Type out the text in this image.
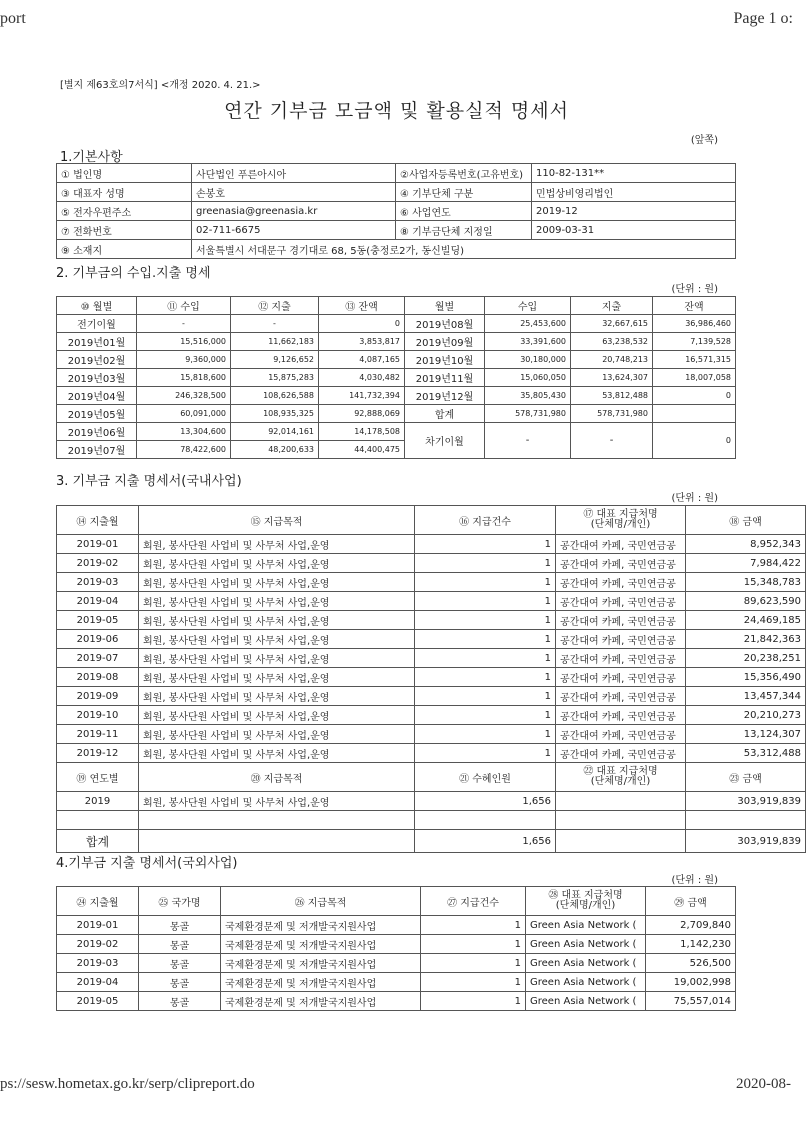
port	Page 1 o:
ps://sesw.hometax.go.kr/serp/clipreport.do	2020-08-
[별지 제63호의7서식] <개정 2020. 4. 21.>
연간 기부금 모금액 및 활용실적 명세서
(앞쪽)
1.기본사항
① 법인명	사단법인 푸른아시아	②사업자등록번호(고유번호)	110-82-131**
③ 대표자 성명	손봉호	④ 기부단체 구분	민법상비영리법인
⑤ 전자우편주소	greenasia@greenasia.kr	⑥ 사업연도	2019-12
⑦ 전화번호	02-711-6675	⑧ 기부금단체 지정일	2009-03-31
⑨ 소재지	서울특별시 서대문구 경기대로 68, 5동(충정로2가, 동신빌딩)		
2. 기부금의 수입.지출 명세
(단위 : 원)
⑩ 월별	⑪ 수입	⑫ 지출	⑬ 잔액	월별	수입	지출	잔액
전기이월	-	-	0	2019년08월	25,453,600	32,667,615	36,986,460
2019년01월	15,516,000	11,662,183	3,853,817	2019년09월	33,391,600	63,238,532	7,139,528
2019년02월	9,360,000	9,126,652	4,087,165	2019년10월	30,180,000	20,748,213	16,571,315
2019년03월	15,818,600	15,875,283	4,030,482	2019년11월	15,060,050	13,624,307	18,007,058
2019년04월	246,328,500	108,626,588	141,732,394	2019년12월	35,805,430	53,812,488	0
2019년05월	60,091,000	108,935,325	92,888,069	합계	578,731,980	578,731,980	
2019년06월	13,304,600	92,014,161	14,178,508	차기이월	-	-	0
2019년07월	78,422,600	48,200,633	44,400,475				
3. 기부금 지출 명세서(국내사업)
(단위 : 원)
⑭ 지출월	⑮ 지급목적	⑯ 지급건수	⑰ 대표 지급처명
(단체명/개인)	⑱ 금액
2019-01	회원, 봉사단원 사업비 및 사무처 사업,운영	1	공간대여 카페, 국민연금공	8,952,343
2019-02	회원, 봉사단원 사업비 및 사무처 사업,운영	1	공간대여 카페, 국민연금공	7,984,422
2019-03	회원, 봉사단원 사업비 및 사무처 사업,운영	1	공간대여 카페, 국민연금공	15,348,783
2019-04	회원, 봉사단원 사업비 및 사무처 사업,운영	1	공간대여 카페, 국민연금공	89,623,590
2019-05	회원, 봉사단원 사업비 및 사무처 사업,운영	1	공간대여 카페, 국민연금공	24,469,185
2019-06	회원, 봉사단원 사업비 및 사무처 사업,운영	1	공간대여 카페, 국민연금공	21,842,363
2019-07	회원, 봉사단원 사업비 및 사무처 사업,운영	1	공간대여 카페, 국민연금공	20,238,251
2019-08	회원, 봉사단원 사업비 및 사무처 사업,운영	1	공간대여 카페, 국민연금공	15,356,490
2019-09	회원, 봉사단원 사업비 및 사무처 사업,운영	1	공간대여 카페, 국민연금공	13,457,344
2019-10	회원, 봉사단원 사업비 및 사무처 사업,운영	1	공간대여 카페, 국민연금공	20,210,273
2019-11	회원, 봉사단원 사업비 및 사무처 사업,운영	1	공간대여 카페, 국민연금공	13,124,307
2019-12	회원, 봉사단원 사업비 및 사무처 사업,운영	1	공간대여 카페, 국민연금공	53,312,488
⑲ 연도별	⑳ 지급목적	㉑ 수혜인원	㉒ 대표 지급처명
(단체명/개인)	㉓ 금액
2019	회원, 봉사단원 사업비 및 사무처 사업,운영	1,656		303,919,839

합계		1,656		303,919,839
4.기부금 지출 명세서(국외사업)
(단위 : 원)
㉔ 지출월	㉕ 국가명	㉖ 지급목적	㉗ 지급건수	㉘ 대표 지급처명
(단체명/개인)	㉙ 금액
2019-01	몽골	국제환경문제 및 저개발국지원사업	1	Green Asia Network (	2,709,840
2019-02	몽골	국제환경문제 및 저개발국지원사업	1	Green Asia Network (	1,142,230
2019-03	몽골	국제환경문제 및 저개발국지원사업	1	Green Asia Network (	526,500
2019-04	몽골	국제환경문제 및 저개발국지원사업	1	Green Asia Network (	19,002,998
2019-05	몽골	국제환경문제 및 저개발국지원사업	1	Green Asia Network (	75,557,014
